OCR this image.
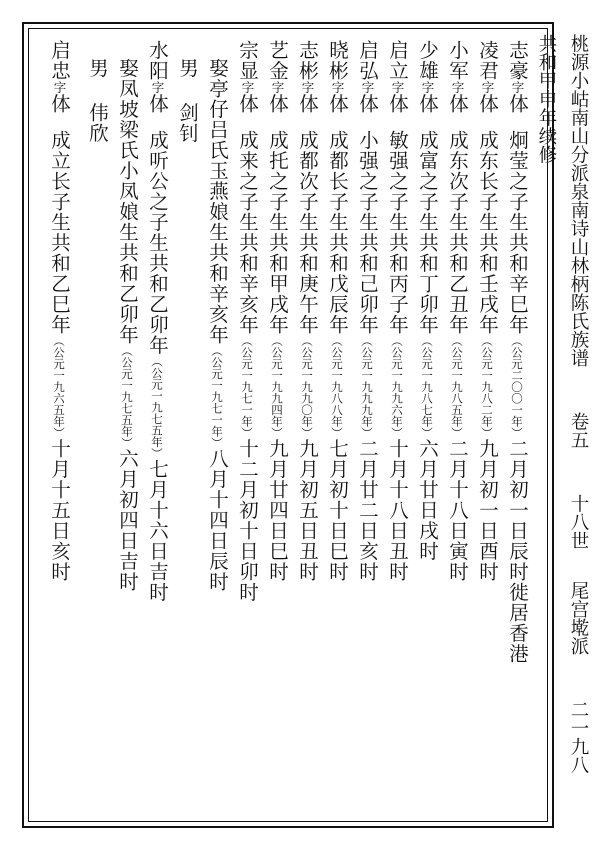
桃源小岵南山分派泉南诗山林柄陈氏族谱 卷五 十八世 尾宫墘派 二一九八 共和甲申年续修
志豪字体炯莹之子生共和辛巳年（公元二〇〇一年）二月初一日辰时徙居香港
凌君字体成东长子生共和壬戌年（公元一九八二年）九月初一日酉时
小军字体成东次子生共和乙丑年（公元一九八五年）二月十八日寅时
少雄字体成富之子生共和丁卯年（公元一九八七年）六月廿日戌时
启立字体敏强之子生共和丙子年（公元一九九六年）十月十八日丑时
启弘字体小强之子生共和己卯年（公元一九九九年）二月廿二日亥时
晓彬字体成都长子生共和戊辰年（公元一九八八年）七月初十日巳时
志彬字体成都次子生共和庚午年（公元一九九〇年）九月初五日丑时
艺金字体成托之子生共和甲戌年（公元一九九四年）九月廿四日巳时
宗显字体成来之子生共和辛亥年（公元一九七一年）十二月初十日卯时
娶亭仔吕氏玉燕娘生共和辛亥年（公元一九七一年）八月十四日辰时
男剑钊
水阳字体成听公之子生共和乙卯年（公元一九七五年）七月十六日吉时
娶凤坡梁氏小凤娘生共和乙卯年（公元一九七五年）六月初四日吉时
男伟欣
启忠字体成立长子生共和乙巳年（公元一九六五年）十月十五日亥时
